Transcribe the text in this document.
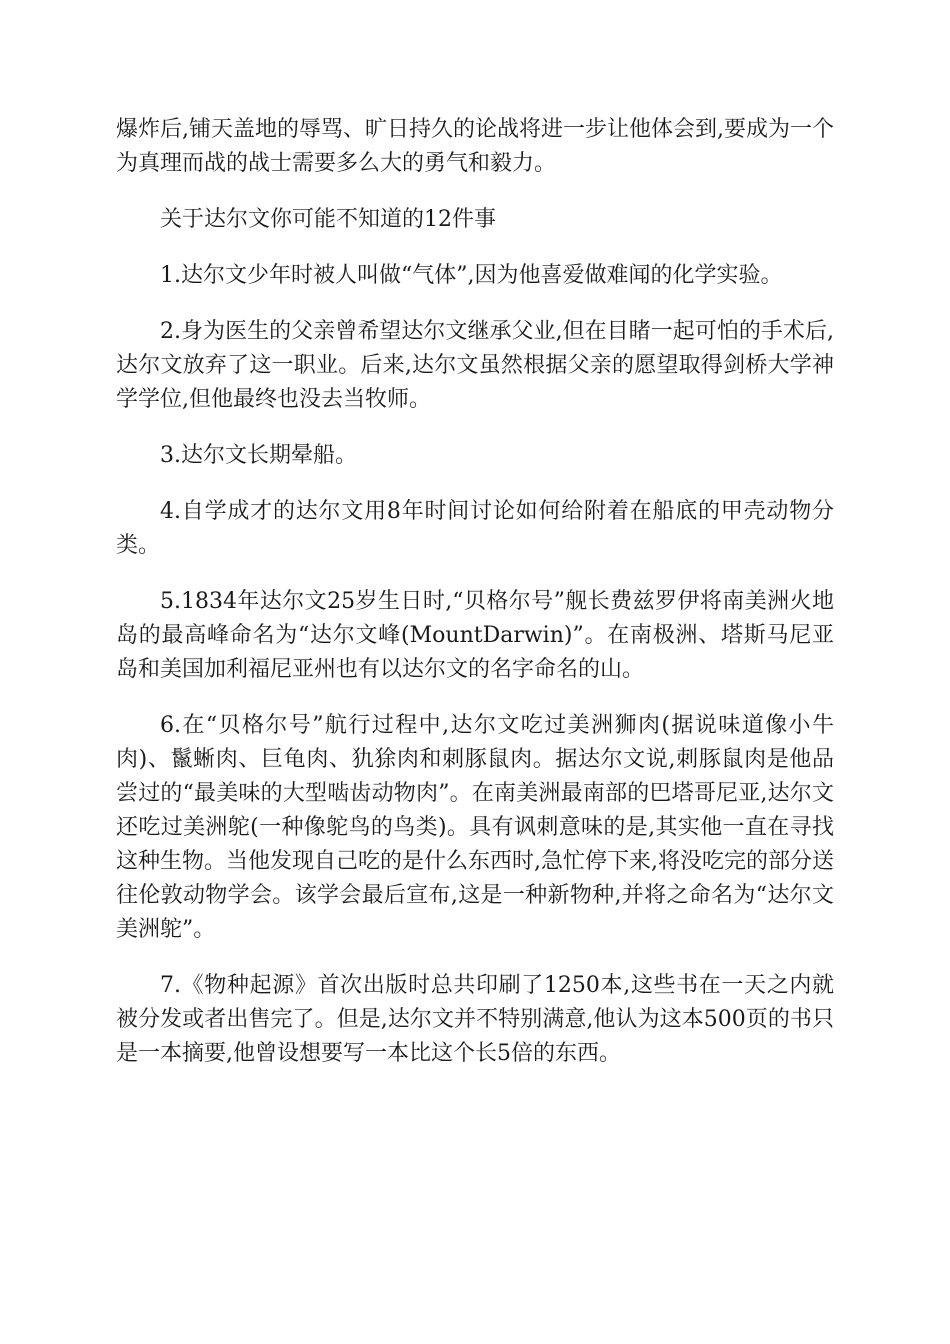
爆炸后,铺天盖地的辱骂、旷日持久的论战将进一步让他体会到,要成为一个为真理而战的战士需要多么大的勇气和毅力。

关于达尔文你可能不知道的12件事

1.达尔文少年时被人叫做“气体”,因为他喜爱做难闻的化学实验。

2.身为医生的父亲曾希望达尔文继承父业,但在目睹一起可怕的手术后,达尔文放弃了这一职业。后来,达尔文虽然根据父亲的愿望取得剑桥大学神学学位,但他最终也没去当牧师。

3.达尔文长期晕船。

4.自学成才的达尔文用8年时间讨论如何给附着在船底的甲壳动物分类。

5.1834年达尔文25岁生日时,“贝格尔号”舰长费兹罗伊将南美洲火地岛的最高峰命名为“达尔文峰(MountDarwin)”。在南极洲、塔斯马尼亚岛和美国加利福尼亚州也有以达尔文的名字命名的山。

6.在“贝格尔号”航行过程中,达尔文吃过美洲狮肉(据说味道像小牛肉)、鬣蜥肉、巨龟肉、犰狳肉和刺豚鼠肉。据达尔文说,刺豚鼠肉是他品尝过的“最美味的大型啮齿动物肉”。在南美洲最南部的巴塔哥尼亚,达尔文还吃过美洲鸵(一种像鸵鸟的鸟类)。具有讽刺意味的是,其实他一直在寻找这种生物。当他发现自己吃的是什么东西时,急忙停下来,将没吃完的部分送往伦敦动物学会。该学会最后宣布,这是一种新物种,并将之命名为“达尔文美洲鸵”。

7.《物种起源》首次出版时总共印刷了1250本,这些书在一天之内就被分发或者出售完了。但是,达尔文并不特别满意,他认为这本500页的书只是一本摘要,他曾设想要写一本比这个长5倍的东西。
